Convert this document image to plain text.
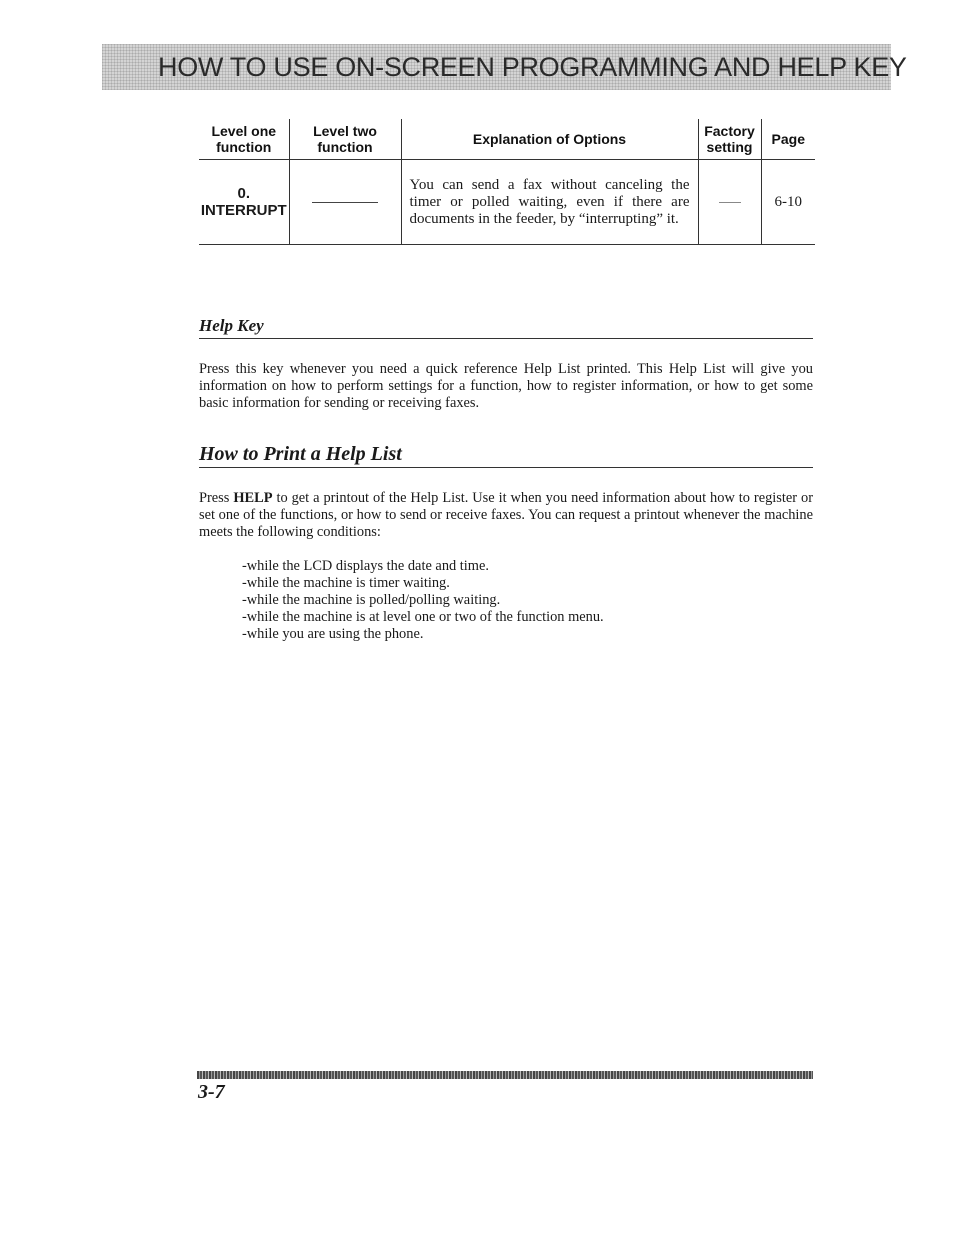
HOW TO USE ON-SCREEN PROGRAMMING AND HELP KEY
Level one function	Level two function	Explanation of Options	Factory setting	Page
0. INTERRUPT		You can send a fax without canceling the timer or polled waiting, even if there are documents in the feeder, by “interrupting” it.		6-10
Help Key
Press this key whenever you need a quick reference Help List printed. This Help List will give you information on how to perform settings for a function, how to register information, or how to get some basic information for sending or receiving faxes.
How to Print a Help List
Press HELP to get a printout of the Help List. Use it when you need information about how to register or set one of the functions, or how to send or receive faxes. You can request a printout whenever the machine meets the following conditions:
-while the LCD displays the date and time.
-while the machine is timer waiting.
-while the machine is polled/polling waiting.
-while the machine is at level one or two of the function menu.
-while you are using the phone.
3-7
